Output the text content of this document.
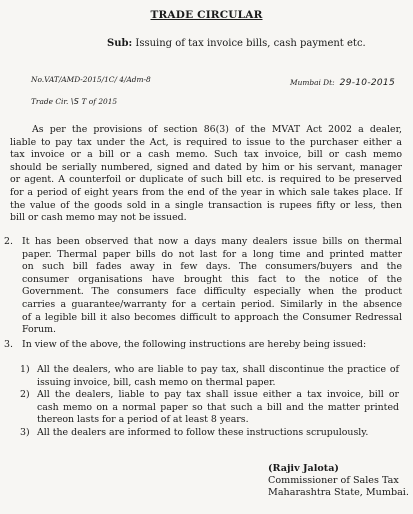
TRADE CIRCULAR
Sub: Issuing of tax invoice bills, cash payment etc.
No.VAT/AMD-2015/1C/ 4/Adm-8	Mumbai Dt: 29-10-2015
Trade Cir. \S T of 2015
As per the provisions of section 86(3) of the MVAT Act 2002 a dealer,
liable to pay tax under the Act, is required to issue to the purchaser either a
tax invoice or a bill or a cash memo. Such tax invoice, bill or cash memo
should be serially numbered, signed and dated by him or his servant, manager
or agent. A counterfoil or duplicate of such bill etc. is required to be preserved
for a period of eight years from the end of the year in which sale takes place. If
the value of the goods sold in a single transaction is rupees fifty or less, then
bill or cash memo may not be issued.
2. It has been observed that now a days many dealers issue bills on thermal
paper. Thermal paper bills do not last for a long time and printed matter
on such bill fades away in few days. The consumers/buyers and the
consumer organisations have brought this fact to the notice of the
Government. The consumers face difficulty especially when the product
carries a guarantee/warranty for a certain period. Similarly in the absence
of a legible bill it also becomes difficult to approach the Consumer Redressal
Forum.
3. In view of the above, the following instructions are hereby being issued:
1) All the dealers, who are liable to pay tax, shall discontinue the practice of
issuing invoice, bill, cash memo on thermal paper.
2) All the dealers, liable to pay tax shall issue either a tax invoice, bill or
cash memo on a normal paper so that such a bill and the matter printed
thereon lasts for a period of at least 8 years.
3) All the dealers are informed to follow these instructions scrupulously.
(Rajiv Jalota)
Commissioner of Sales Tax
Maharashtra State, Mumbai.
